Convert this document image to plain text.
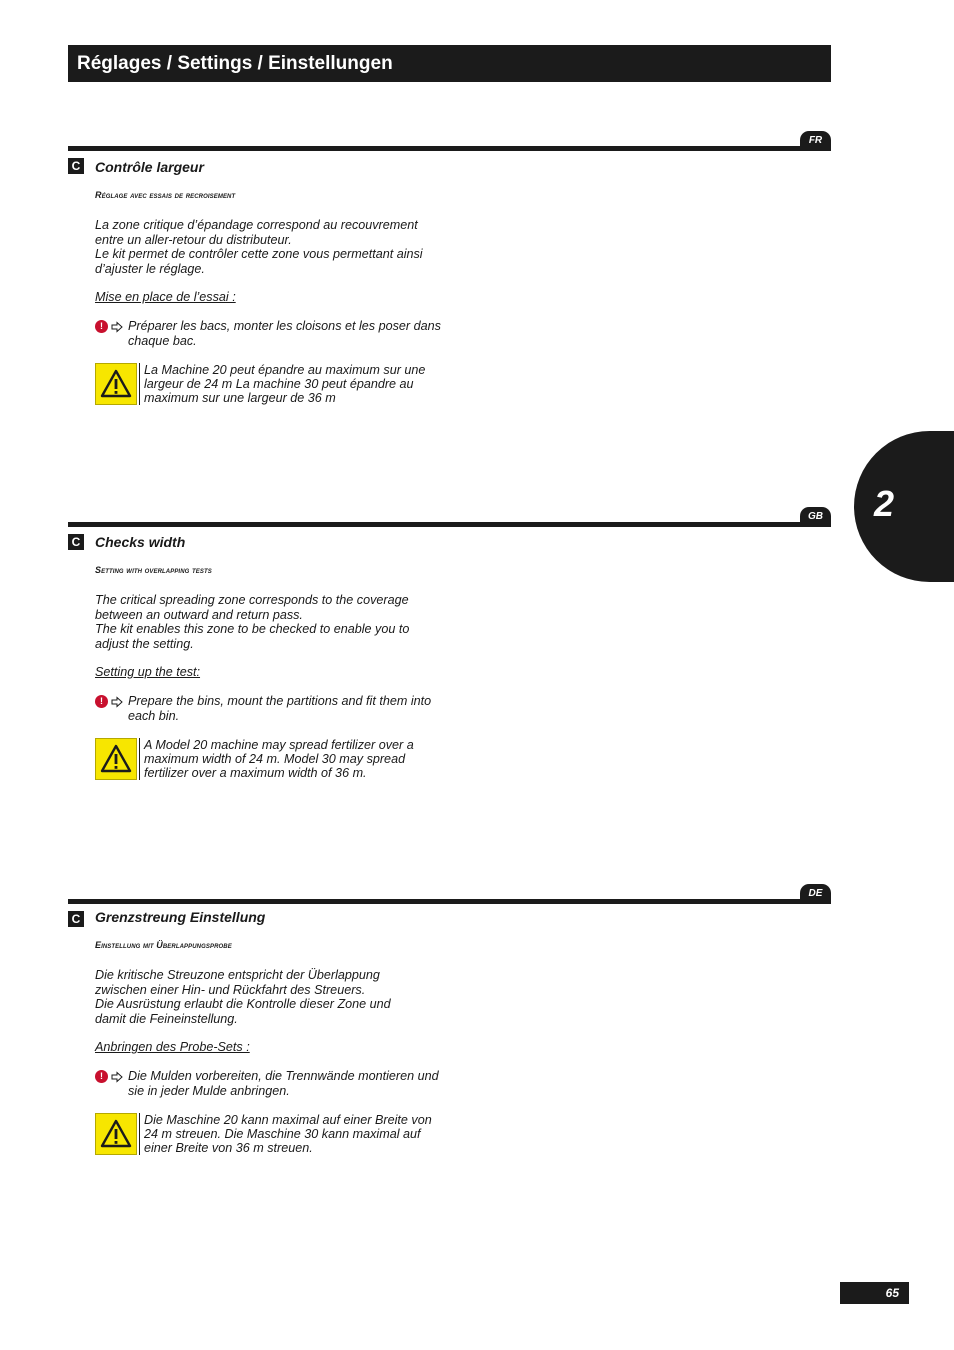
Réglages / Settings / Einstellungen
2
FR
C Contrôle largeur
Réglage avec essais de recroisement
La zone critique d’épandage correspond au recouvrement
entre un aller-retour du distributeur.
Le kit permet de contrôler cette zone vous permettant ainsi
d’ajuster le réglage.
Mise en place de l’essai :
!	Préparer les bacs, monter les cloisons et les poser dans chaque bac.
La Machine 20 peut épandre au maximum sur une largeur de 24 m La machine 30 peut épandre au maximum sur une largeur de 36 m
GB
C Checks width
Setting with overlapping tests
The critical spreading zone corresponds to the coverage
between an outward and return pass.
The kit enables this zone to be checked to enable you to
adjust the setting.
Setting up the test:
!	Prepare the bins, mount the partitions and fit them into each bin.
A Model 20 machine may spread fertilizer over a maximum width of 24 m. Model 30 may spread fertilizer over a maximum width of 36 m.
DE
C Grenzstreung Einstellung
Einstellung mit Überlappungsprobe
Die kritische Streuzone entspricht der Überlappung
zwischen einer Hin- und Rückfahrt des Streuers.
Die Ausrüstung erlaubt die Kontrolle dieser Zone und
damit die Feineinstellung.
Anbringen des Probe-Sets :
!	Die Mulden vorbereiten, die Trennwände montieren und sie in jeder Mulde anbringen.
Die Maschine 20 kann maximal auf einer Breite von 24 m streuen. Die Maschine 30 kann maximal auf einer Breite von 36 m streuen.
65
